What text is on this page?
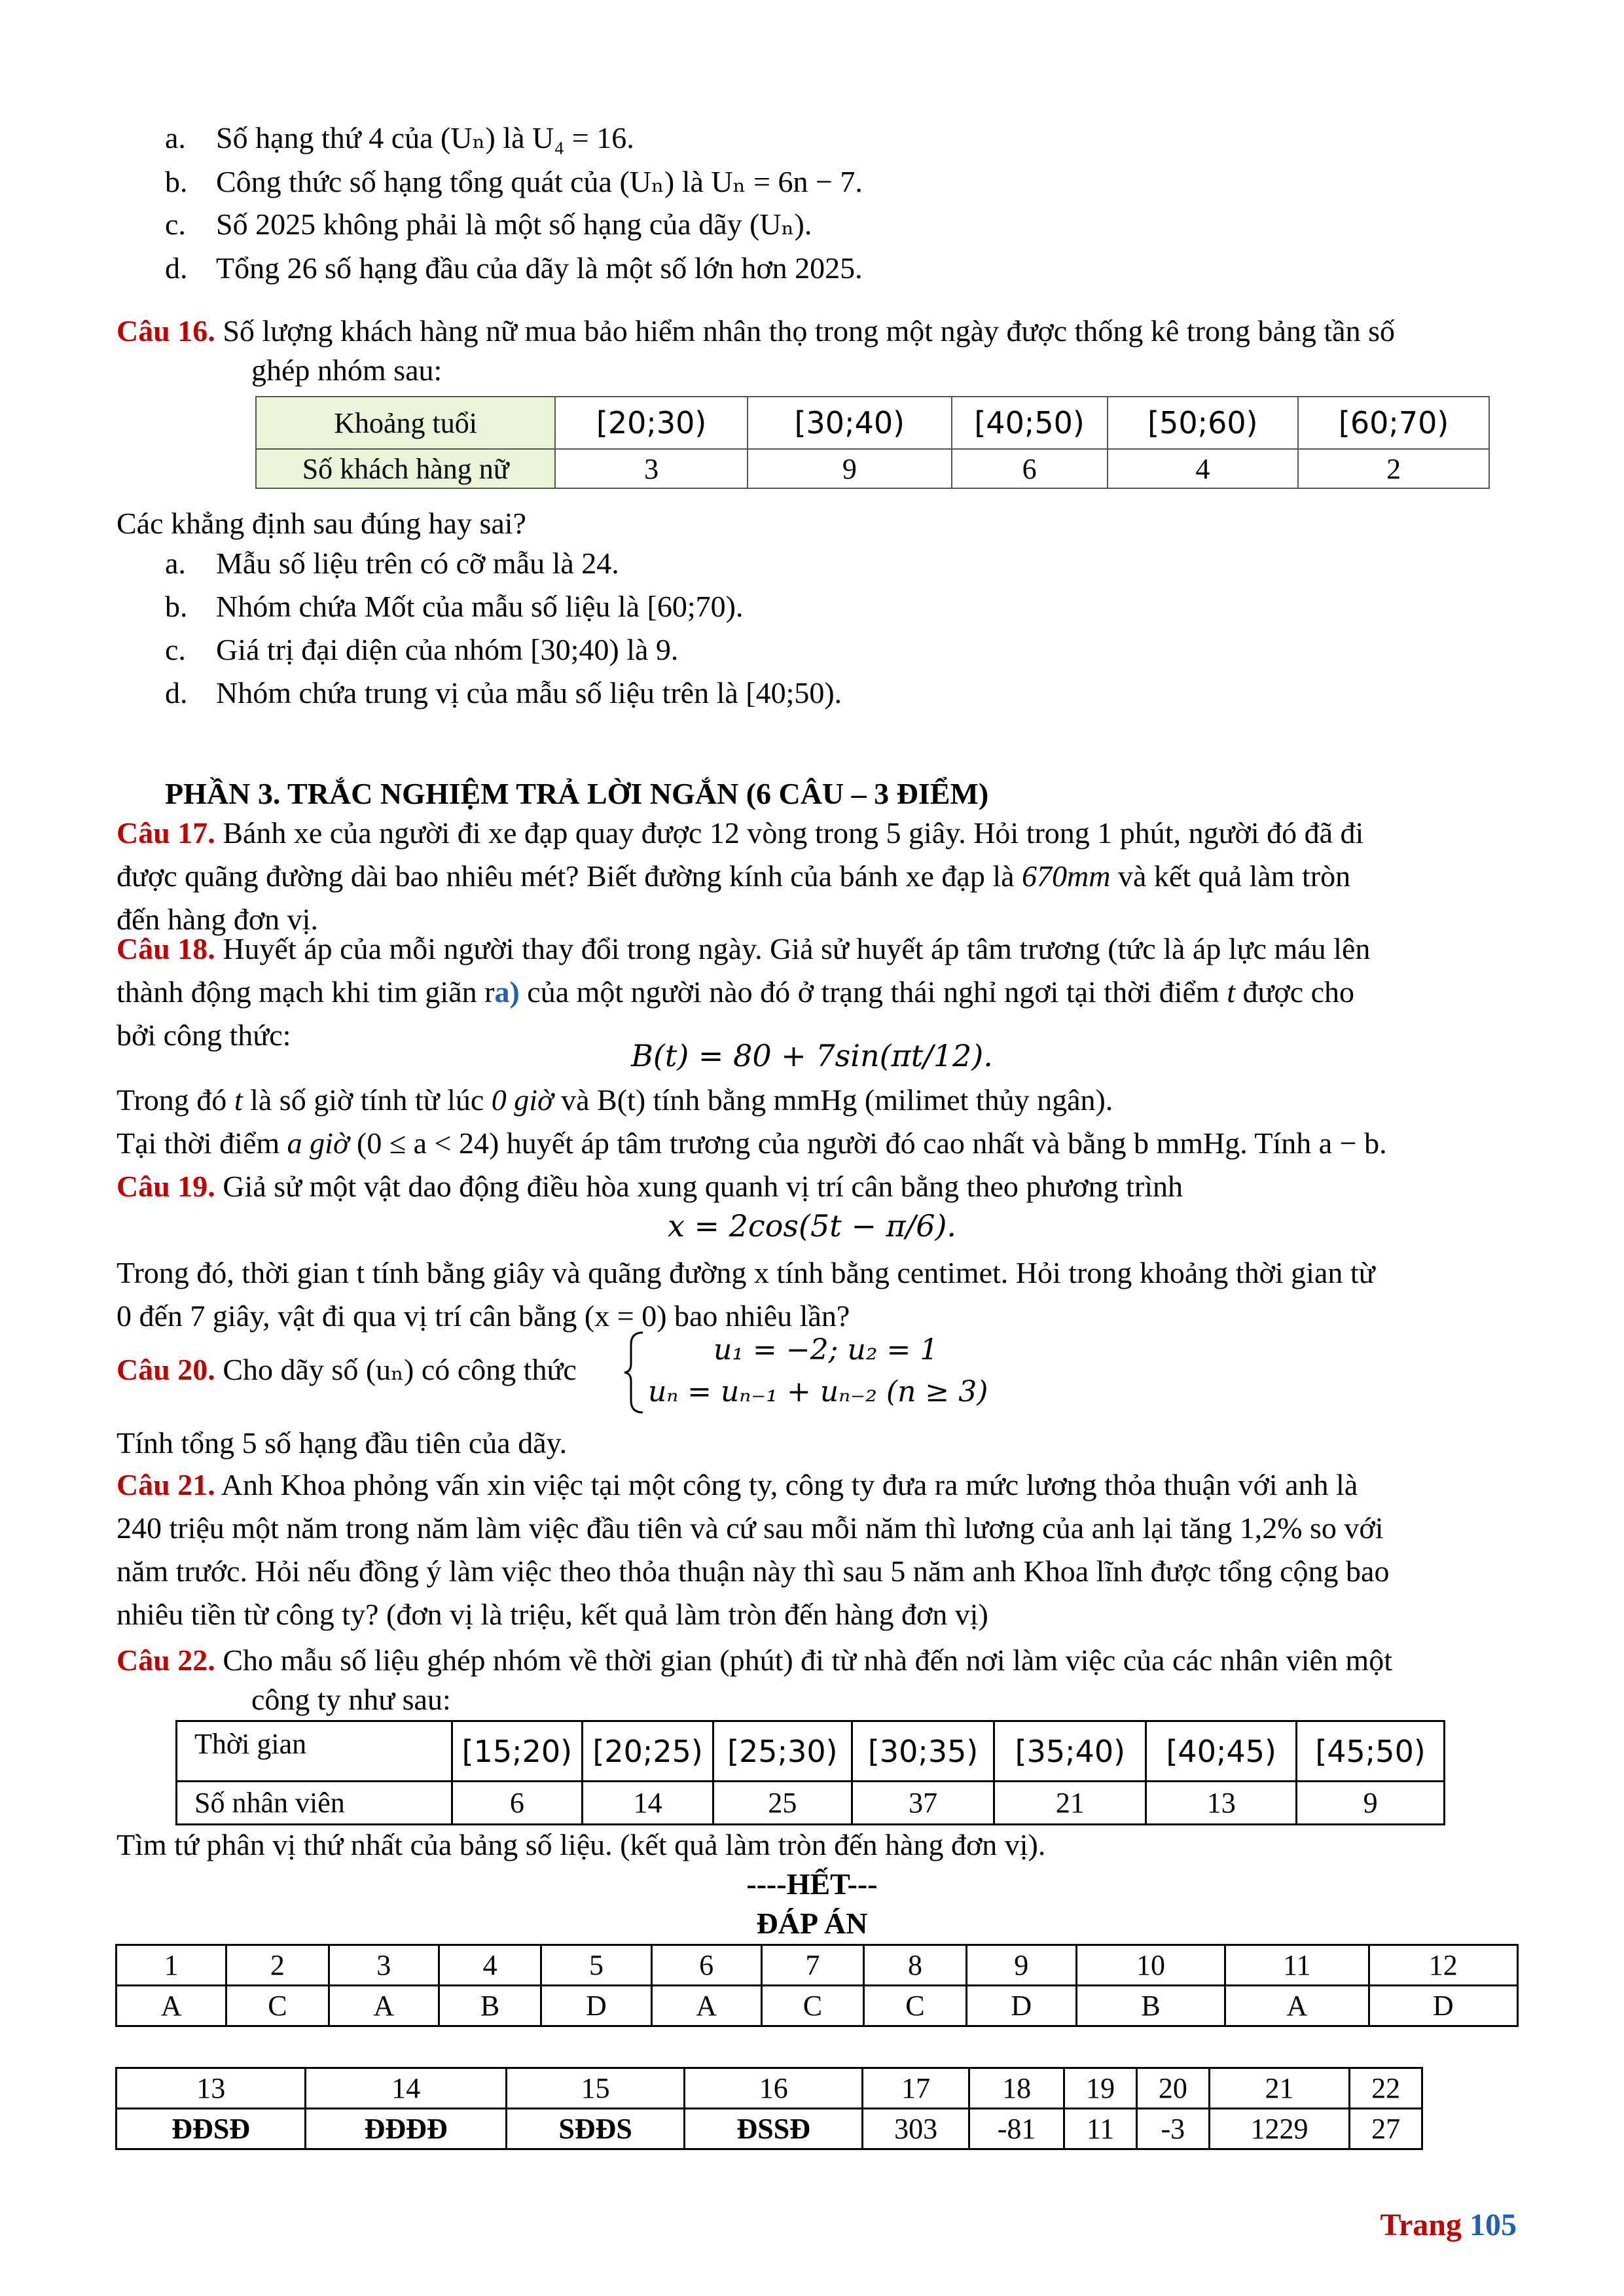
a. Số hạng thứ 4 của (Uₙ) là U₄ = 16.
b. Công thức số hạng tổng quát của (Uₙ) là Uₙ = 6n − 7.
c. Số 2025 không phải là một số hạng của dãy (Uₙ).
d. Tổng 26 số hạng đầu của dãy là một số lớn hơn 2025.
Câu 16. Số lượng khách hàng nữ mua bảo hiểm nhân thọ trong một ngày được thống kê trong bảng tần số
ghép nhóm sau:
Khoảng tuổi	[20;30)	[30;40)	[40;50)	[50;60)	[60;70)
Số khách hàng nữ	3	9	6	4	2
Các khẳng định sau đúng hay sai?
a. Mẫu số liệu trên có cỡ mẫu là 24.
b. Nhóm chứa Mốt của mẫu số liệu là [60;70).
c. Giá trị đại diện của nhóm [30;40) là 9.
d. Nhóm chứa trung vị của mẫu số liệu trên là [40;50).
PHẦN 3. TRẮC NGHIỆM TRẢ LỜI NGẮN (6 CÂU – 3 ĐIỂM)
Câu 17. Bánh xe của người đi xe đạp quay được 12 vòng trong 5 giây. Hỏi trong 1 phút, người đó đã đi
được quãng đường dài bao nhiêu mét? Biết đường kính của bánh xe đạp là 670mm và kết quả làm tròn
đến hàng đơn vị.
Câu 18. Huyết áp của mỗi người thay đổi trong ngày. Giả sử huyết áp tâm trương (tức là áp lực máu lên
thành động mạch khi tim giãn ra) của một người nào đó ở trạng thái nghỉ ngơi tại thời điểm t được cho
bởi công thức:
B(t) = 80 + 7sin(πt/12).
Trong đó t là số giờ tính từ lúc 0 giờ và B(t) tính bằng mmHg (milimet thủy ngân).
Tại thời điểm a giờ (0 ≤ a < 24) huyết áp tâm trương của người đó cao nhất và bằng b mmHg. Tính a − b.
Câu 19. Giả sử một vật dao động điều hòa xung quanh vị trí cân bằng theo phương trình
x = 2cos(5t − π/6).
Trong đó, thời gian t tính bằng giây và quãng đường x tính bằng centimet. Hỏi trong khoảng thời gian từ
0 đến 7 giây, vật đi qua vị trí cân bằng (x = 0) bao nhiêu lần?
Câu 20. Cho dãy số (uₙ) có công thức
u₁ = −2; u₂ = 1
uₙ = uₙ₋₁ + uₙ₋₂ (n ≥ 3)
Tính tổng 5 số hạng đầu tiên của dãy.
Câu 21. Anh Khoa phỏng vấn xin việc tại một công ty, công ty đưa ra mức lương thỏa thuận với anh là
240 triệu một năm trong năm làm việc đầu tiên và cứ sau mỗi năm thì lương của anh lại tăng 1,2% so với
năm trước. Hỏi nếu đồng ý làm việc theo thỏa thuận này thì sau 5 năm anh Khoa lĩnh được tổng cộng bao
nhiêu tiền từ công ty? (đơn vị là triệu, kết quả làm tròn đến hàng đơn vị)
Câu 22. Cho mẫu số liệu ghép nhóm về thời gian (phút) đi từ nhà đến nơi làm việc của các nhân viên một
công ty như sau:
Thời gian	[15;20)	[20;25)	[25;30)	[30;35)	[35;40)	[40;45)	[45;50)
Số nhân viên	6	14	25	37	21	13	9
Tìm tứ phân vị thứ nhất của bảng số liệu. (kết quả làm tròn đến hàng đơn vị).
----HẾT---
ĐÁP ÁN
1	2	3	4	5	6	7	8	9	10	11	12
A	C	A	B	D	A	C	C	D	B	A	D
13	14	15	16	17	18	19	20	21	22
ĐĐSĐ	ĐĐĐĐ	SĐĐS	ĐSSĐ	303	-81	11	-3	1229	27
Trang 105
